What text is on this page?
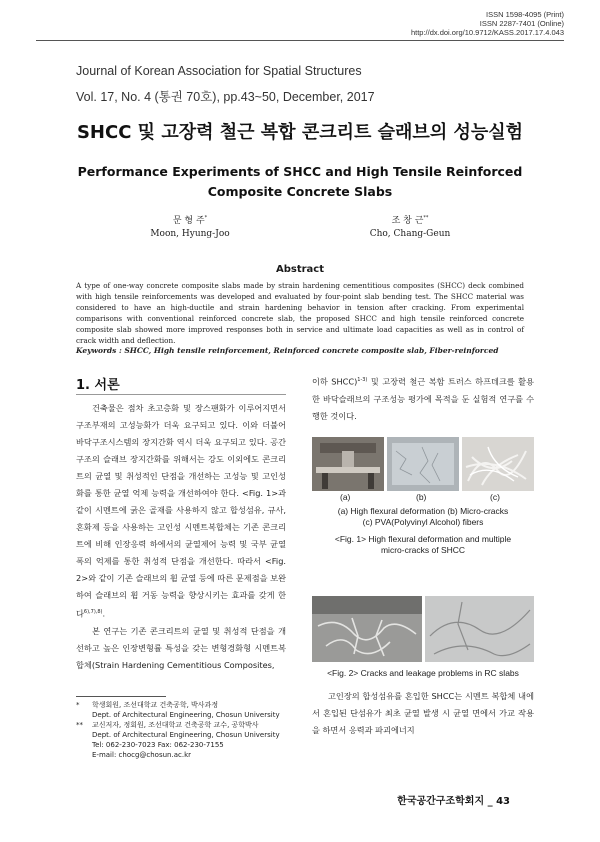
ISSN 1598-4095 (Print)
ISSN 2287-7401 (Online)
http://dx.doi.org/10.9712/KASS.2017.17.4.043
Journal of Korean Association for Spatial Structures
Vol. 17, No. 4 (통권 70호), pp.43~50, December, 2017
SHCC 및 고장력 철근 복합 콘크리트 슬래브의 성능실험
Performance Experiments of SHCC and High Tensile Reinforced
Composite Concrete Slabs
문 형 주*
Moon, Hyung-Joo
조 창 근**
Cho, Chang-Geun
Abstract
A type of one-way concrete composite slabs made by strain hardening cementitious composites (SHCC) deck combined with high tensile reinforcements was developed and evaluated by four-point slab bending test. The SHCC material was considered to have an high-ductile and strain hardening behavior in tension after cracking. From experimental comparisons with conventional reinforced concrete slab, the proposed SHCC and high tensile reinforced concrete composite slab showed more improved responses both in service and ultimate load capacities as well as in control of crack width and deflection.
Keywords : SHCC, High tensile reinforcement, Reinforced concrete composite slab, Fiber-reinforced
1. 서론

건축물은 점차 초고층화 및 장스팬화가 이루어지면서 구조부재의 고성능화가 더욱 요구되고 있다. 이와 더불어 바닥구조시스템의 장지간화 역시 더욱 요구되고 있다. 공간구조의 슬래브 장지간화를 위해서는 강도 이외에도 콘크리트의 균열 및 취성적인 단점을 개선하는 고성능 및 고인성화를 통한 균열 억제 능력을 개선하여야 한다. <Fig. 1>과 같이 시멘트에 굵은 골재를 사용하지 않고 합성섬유, 규사, 혼화제 등을 사용하는 고인성 시멘트복합체는 기존 콘크리트에 비해 인장응력 하에서의 균열제어 능력 및 국부 균열폭의 억제를 통한 취성적 단점을 개선한다. 따라서 <Fig. 2>와 같이 기존 슬래브의 휨 균열 등에 따른 문제점을 보완하여 슬래브의 휨 거동 능력을 향상시키는 효과를 갖게 한다$^{6),7),8)}$.

본 연구는 기존 콘크리트의 균열 및 취성적 단점을 개선하고 높은 인장변형률 특성을 갖는 변형경화형 시멘트복합체(Strain Hardening Cementitious Composites,

이하 SHCC)$^{1-3)}$ 및 고장력 철근 복합 트러스 하프데크를 활용한 바닥슬래브의 구조성능 평가에 목적을 둔 실험적 연구를 수행한 것이다.

(a)	(b)	(c)
(a) High flexural deformation (b) Micro-cracks
(c) PVA(Polyvinyl Alcohol) fibers
<Fig. 1> High flexural deformation and multiple
micro-cracks of SHCC
<Fig. 2> Cracks and leakage problems in RC slabs

고인장의 합성섬유를 혼입한 SHCC는 시멘트 복합체 내에서 혼입된 단섬유가 최초 균열 발생 시 균열 면에서 가교 작용을 하면서 응력과 파괴에너지

*	학생회원, 조선대학교 건축공학, 박사과정
Dept. of Architectural Engineering, Chosun University
**	교신저자, 정회원, 조선대학교 건축공학 교수, 공학박사
Dept. of Architectural Engineering, Chosun University
Tel: 062-230-7023 Fax: 062-230-7155
E-mail: chocg@chosun.ac.kr
한국공간구조학회지 _ 43
